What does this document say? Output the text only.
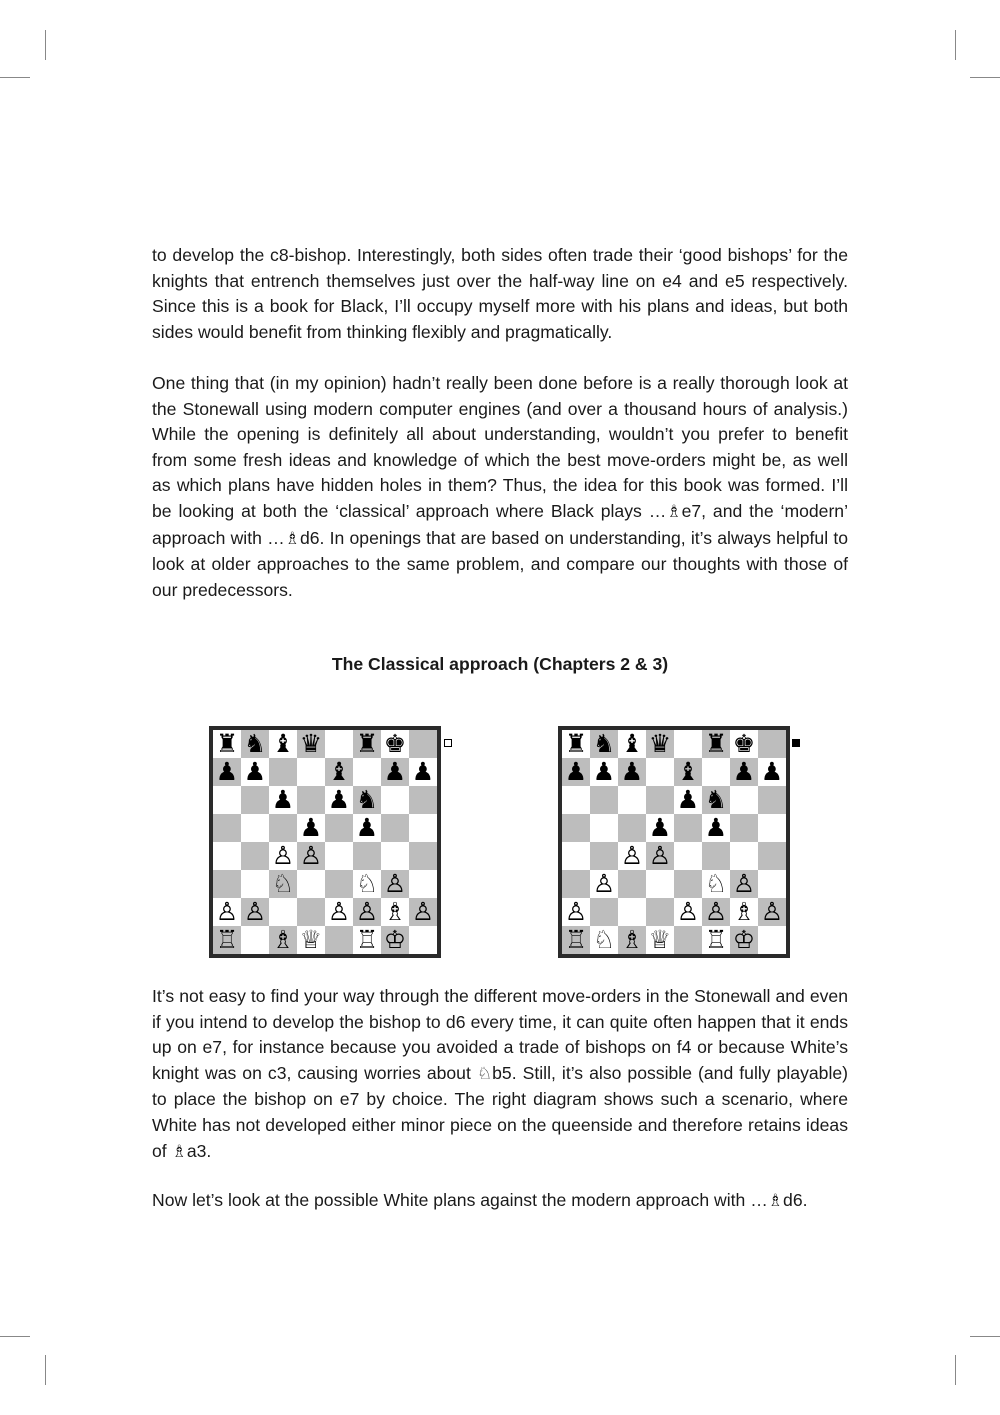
to develop the c8-bishop. Interestingly, both sides often trade their ‘good bishops’ for the knights that entrench themselves just over the half-way line on e4 and e5 respectively. Since this is a book for Black, I’ll occupy myself more with his plans and ideas, but both sides would benefit from thinking flexibly and pragmatically.

One thing that (in my opinion) hadn’t really been done before is a really thorough look at the Stonewall using modern computer engines (and over a thousand hours of analysis.) While the opening is definitely all about understanding, wouldn’t you prefer to benefit from some fresh ideas and knowledge of which the best move-orders might be, as well as which plans have hidden holes in them? Thus, the idea for this book was formed. I’ll be looking at both the ‘classical’ approach where Black plays …♗e7, and the ‘modern’ approach with …♗d6. In openings that are based on understanding, it’s always helpful to look at older approaches to the same problem, and compare our thoughts with those of our predecessors.

The Classical approach (Chapters 2 & 3)
♜ ♞ ♝ ♛ ♜ ♚
♟ ♟ ♝ ♟ ♟
♟ ♟ ♞
♟ ♟
♙ ♙
♘ ♘ ♙
♙ ♙ ♙ ♙ ♗ ♙
♖ ♗ ♕ ♖ ♔
♜ ♞ ♝ ♛ ♜ ♚
♟ ♟ ♟ ♝ ♟ ♟
♟ ♞
♟ ♟
♙ ♙
♙	♘ ♙
♙	♙ ♙ ♗ ♙
♖ ♘ ♗ ♕ ♖ ♔

It’s not easy to find your way through the different move-orders in the Stonewall and even if you intend to develop the bishop to d6 every time, it can quite often happen that it ends up on e7, for instance because you avoided a trade of bishops on f4 or because White’s knight was on c3, causing worries about ♘b5. Still, it’s also possible (and fully playable) to place the bishop on e7 by choice. The right diagram shows such a scenario, where White has not developed either minor piece on the queenside and therefore retains ideas of ♗a3.

Now let’s look at the possible White plans against the modern approach with …♗d6.
